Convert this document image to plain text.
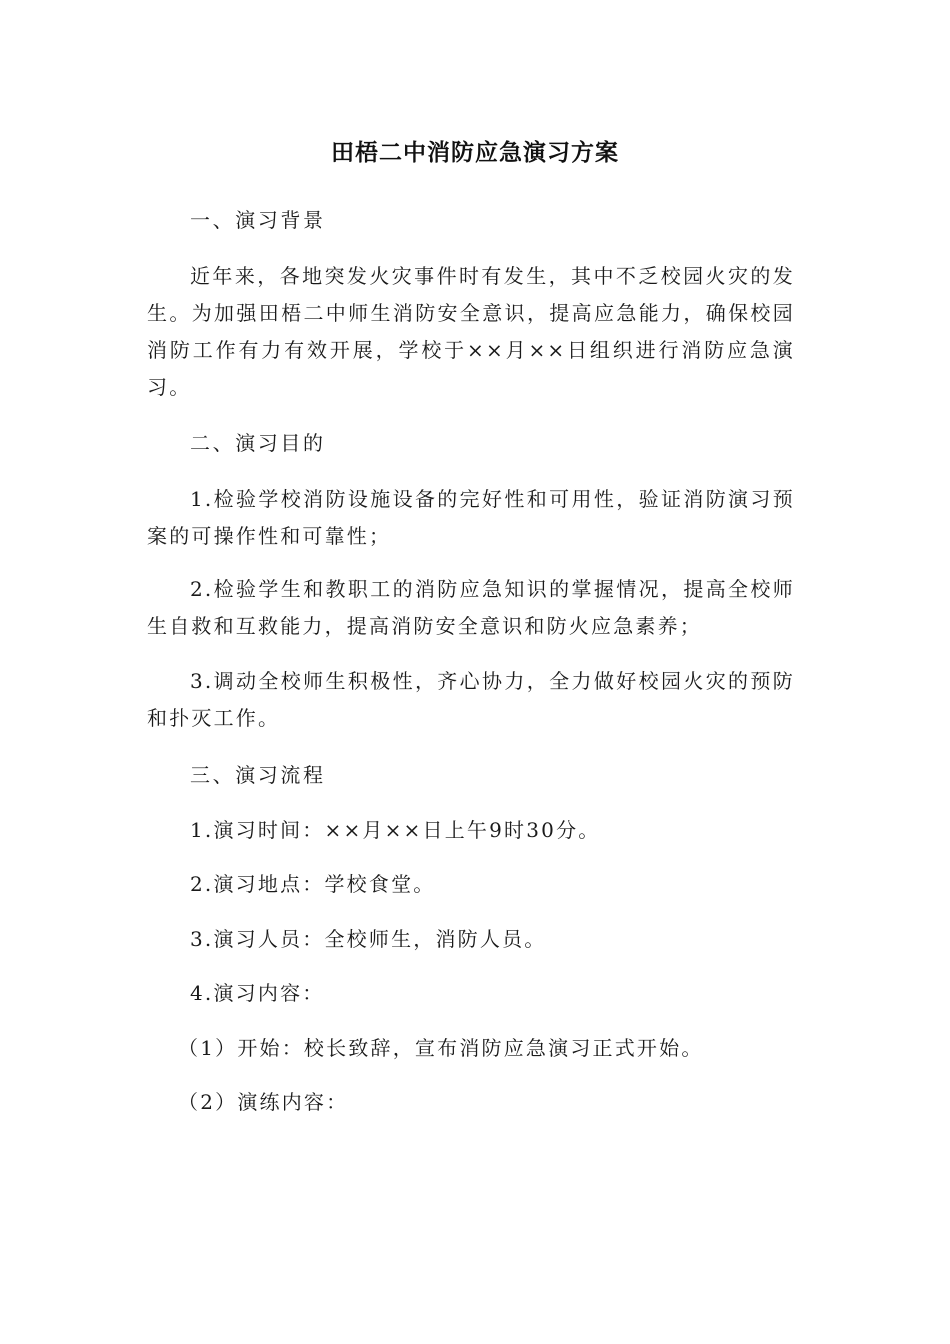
田梧二中消防应急演习方案

一、演习背景

近年来，各地突发火灾事件时有发生，其中不乏校园火灾的发生。为加强田梧二中师生消防安全意识，提高应急能力，确保校园消防工作有力有效开展，学校于××月××日组织进行消防应急演习。

二、演习目的

1.检验学校消防设施设备的完好性和可用性，验证消防演习预案的可操作性和可靠性；

2.检验学生和教职工的消防应急知识的掌握情况，提高全校师生自救和互救能力，提高消防安全意识和防火应急素养；

3.调动全校师生积极性，齐心协力，全力做好校园火灾的预防和扑灭工作。

三、演习流程

1.演习时间：××月××日上午9时30分。

2.演习地点：学校食堂。

3.演习人员：全校师生，消防人员。

4.演习内容：

（1）开始：校长致辞，宣布消防应急演习正式开始。

（2）演练内容：
